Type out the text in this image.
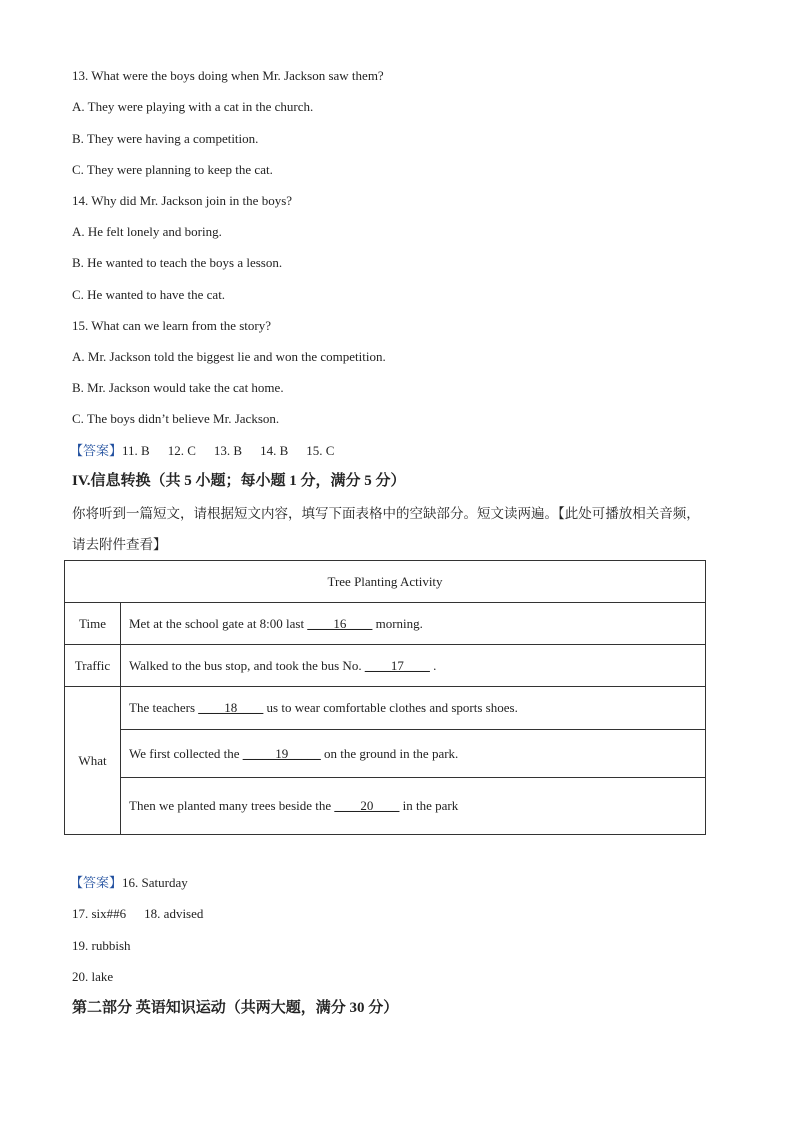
13. What were the boys doing when Mr. Jackson saw them?
A. They were playing with a cat in the church.
B. They were having a competition.
C. They were planning to keep the cat.
14. Why did Mr. Jackson join in the boys?
A. He felt lonely and boring.
B. He wanted to teach the boys a lesson.
C. He wanted to have the cat.
15. What can we learn from the story?
A. Mr. Jackson told the biggest lie and won the competition.
B. Mr. Jackson would take the cat home.
C. The boys didn’t believe Mr. Jackson.
【答案】11. B 12. C 13. B 14. B 15. C
IV.信息转换（共 5 小题；每小题 1 分，满分 5 分）
你将听到一篇短文，请根据短文内容，填写下面表格中的空缺部分。短文读两遍。【此处可播放相关音频，
请去附件查看】
Tree Planting Activity	
Time	Met at the school gate at 8:00 last ____16____ morning.
Traffic	Walked to the bus stop, and took the bus No. ____17____ .
What	The teachers ____18____ us to wear comfortable clothes and sports shoes.
	We first collected the _____19_____ on the ground in the park.
	Then we planted many trees beside the ____20____ in the park
【答案】16. Saturday
17. six##6 18. advised
19. rubbish
20. lake
第二部分 英语知识运动（共两大题，满分 30 分）
